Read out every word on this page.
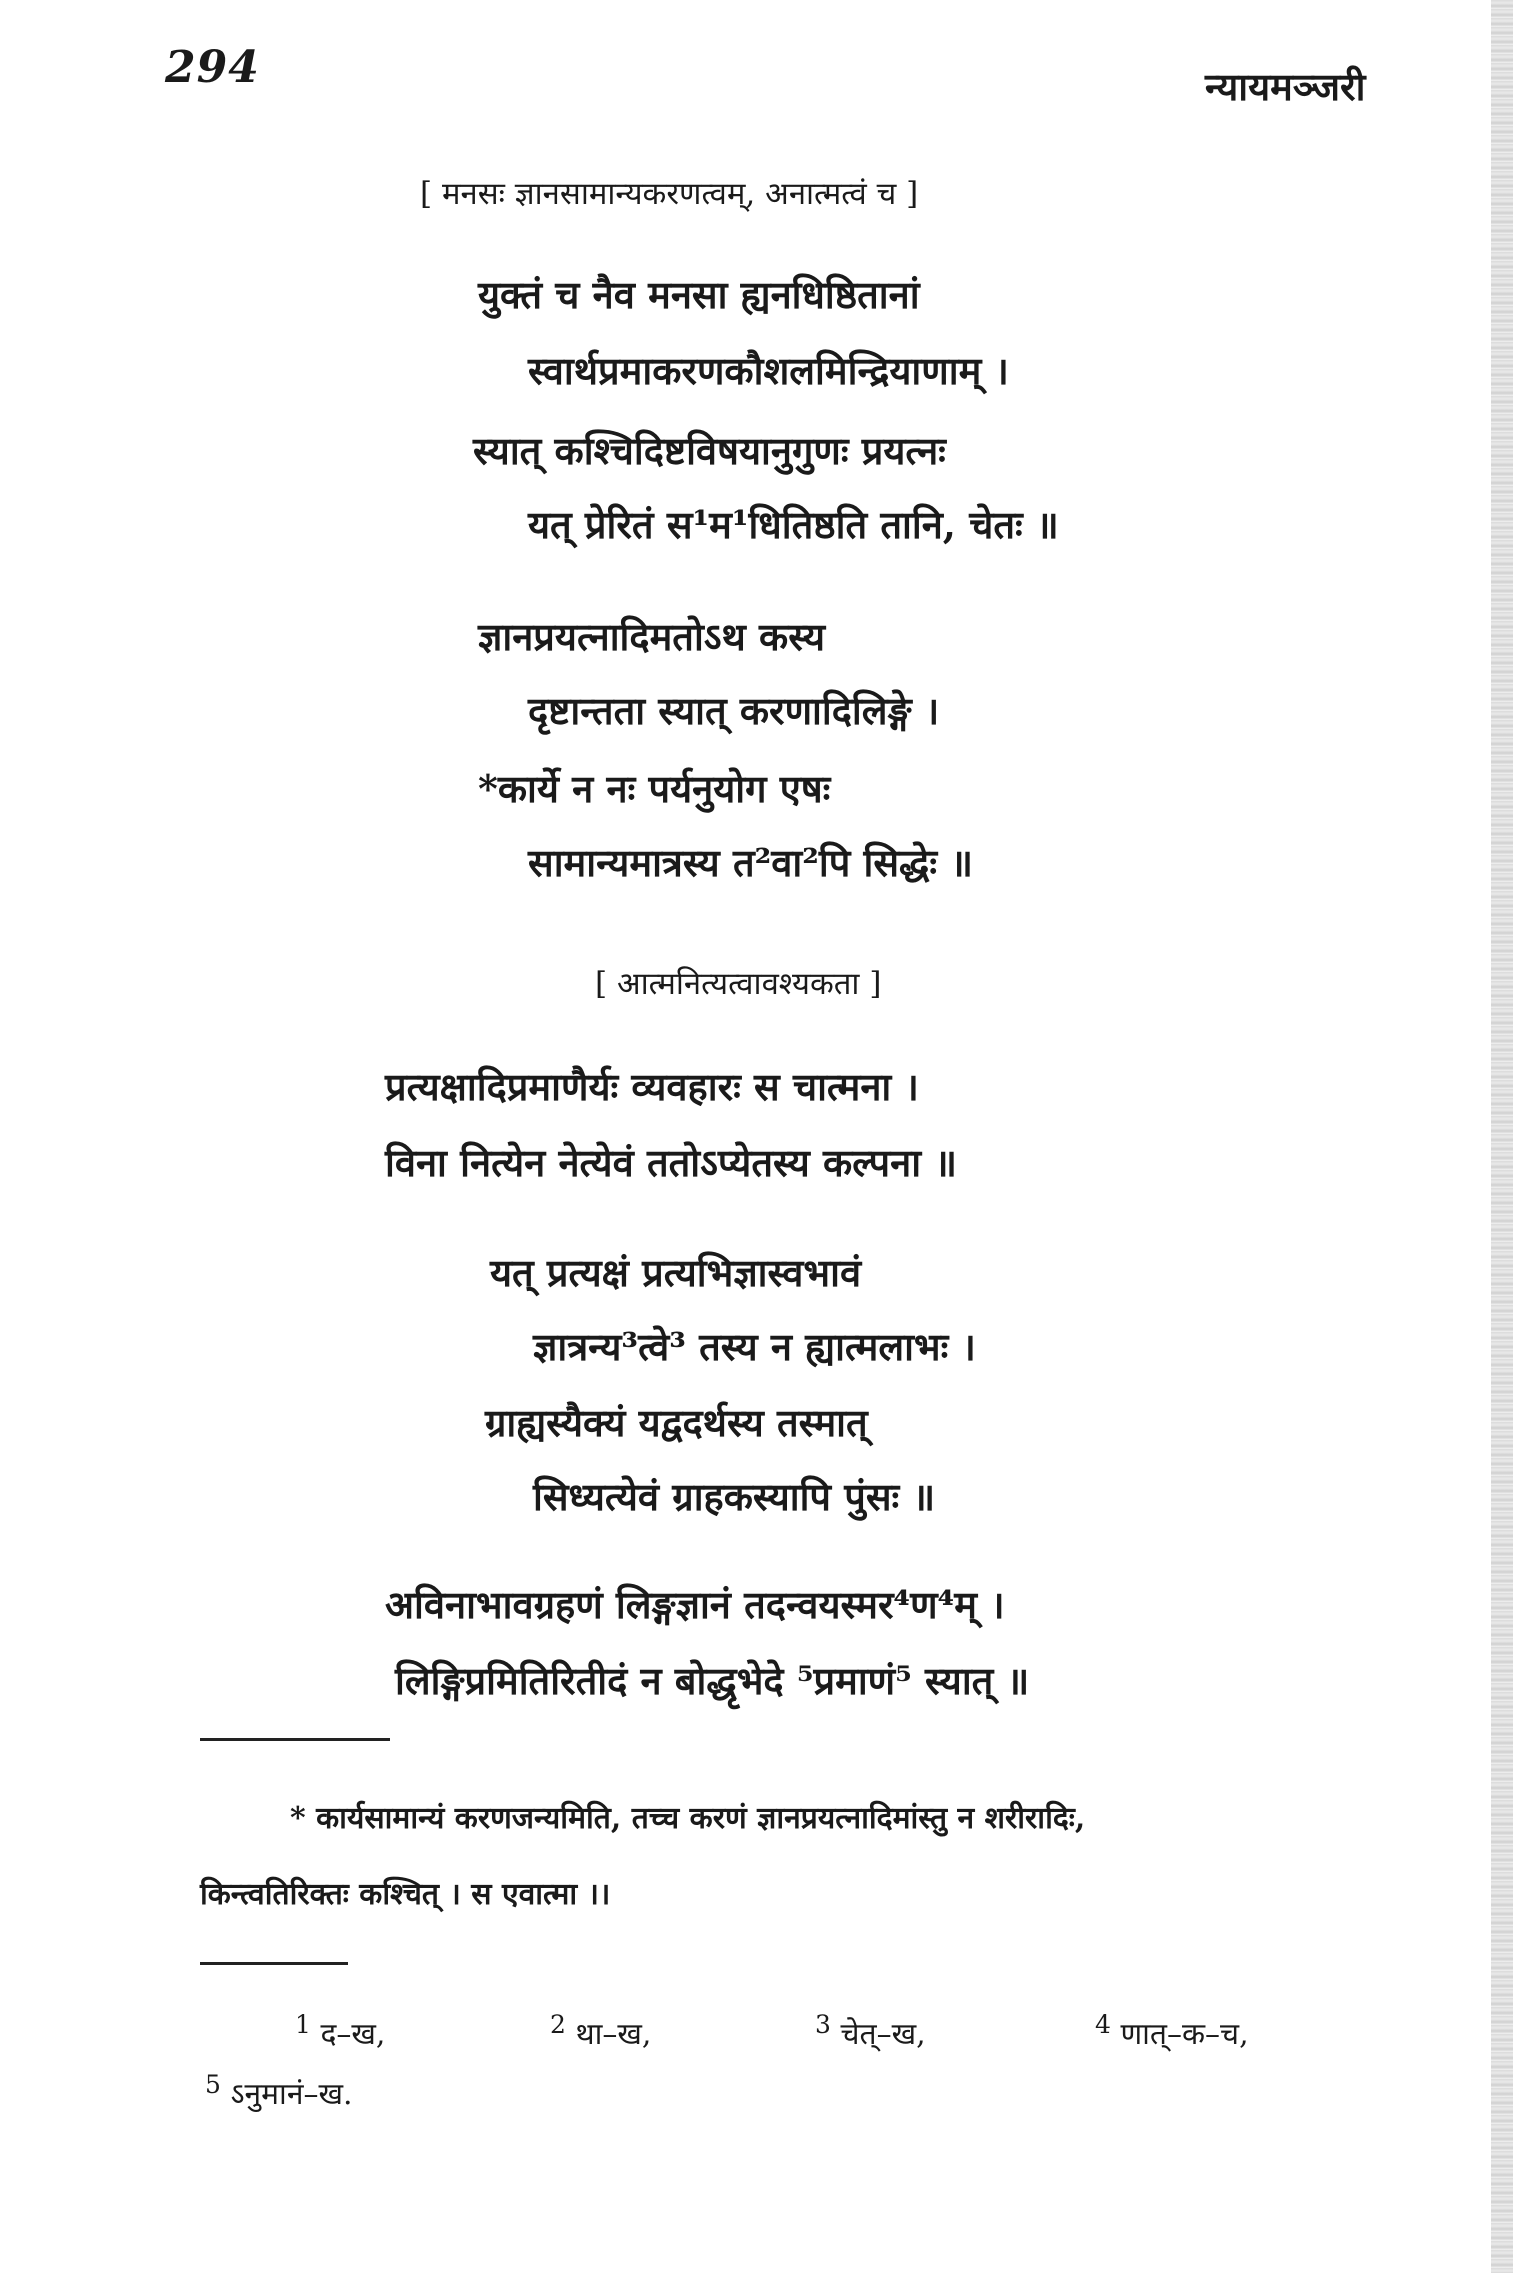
294	न्यायमञ्जरी
[ मनसः ज्ञानसामान्यकरणत्वम्, अनात्मत्वं च ]
युक्तं च नैव मनसा ह्यनधिष्ठितानां
स्वार्थप्रमाकरणकौशलमिन्द्रियाणाम् ।
स्यात् कश्चिदिष्टविषयानुगुणः प्रयत्नः
यत् प्रेरितं स¹म¹धितिष्ठति तानि, चेतः ॥
ज्ञानप्रयत्नादिमतोऽथ कस्य
दृष्टान्तता स्यात् करणादिलिङ्गे ।
*कार्ये न नः पर्यनुयोग एषः
सामान्यमात्रस्य त²वा²पि सिद्धेः ॥
[ आत्मनित्यत्वावश्यकता ]
प्रत्यक्षादिप्रमाणैर्यः व्यवहारः स चात्मना ।
विना नित्येन नेत्येवं ततोऽप्येतस्य कल्पना ॥
यत् प्रत्यक्षं प्रत्यभिज्ञास्वभावं
ज्ञात्रन्य³त्वे³ तस्य न ह्यात्मलाभः ।
ग्राह्यस्यैक्यं यद्वदर्थस्य तस्मात्
सिध्यत्येवं ग्राहकस्यापि पुंसः ॥
अविनाभावग्रहणं लिङ्गज्ञानं तदन्वयस्मर⁴ण⁴म् ।
लिङ्गिप्रमितिरितीदं न बोद्धृभेदे ⁵प्रमाणं⁵ स्यात् ॥
* कार्यसामान्यं करणजन्यमिति, तच्च करणं ज्ञानप्रयत्नादिमांस्तु न शरीरादिः,
किन्त्वतिरिक्तः कश्चित् । स एवात्मा ।।
$^1$ द–ख,	$^2$ था–ख,	$^3$ चेत्–ख,	$^4$ णात्–क–च,
$^5$ ऽनुमानं–ख.
